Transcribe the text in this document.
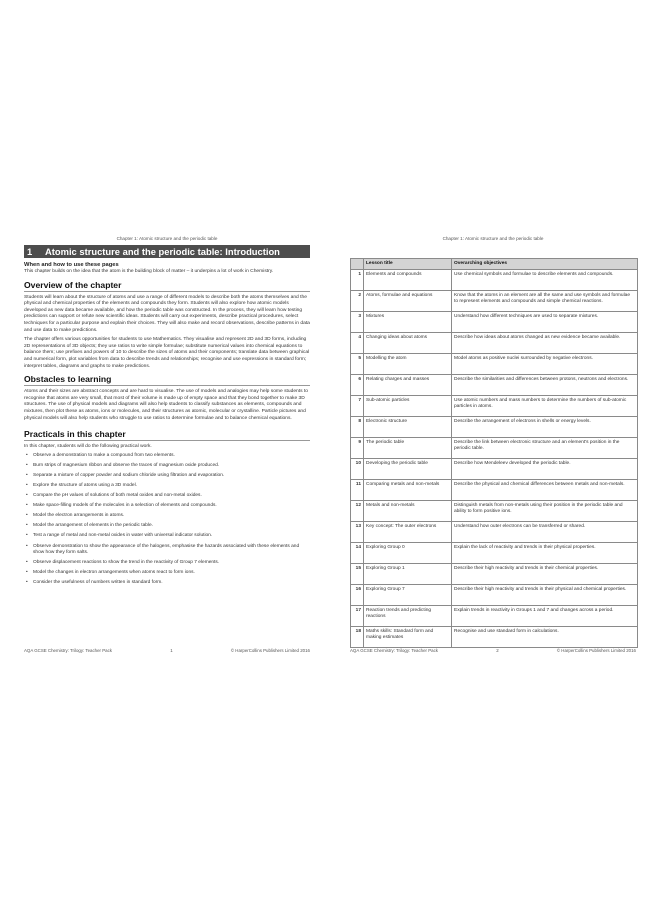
Chapter 1: Atomic structure and the periodic table
1 Atomic structure and the periodic table: Introduction
When and how to use these pages
This chapter builds on the idea that the atom is the building block of matter – it underpins a lot of work in Chemistry.
Overview of the chapter
Students will learn about the structure of atoms and use a range of different models to describe both the atoms themselves and the physical and chemical properties of the elements and compounds they form. Students will also explore how atomic models developed as new data became available, and how the periodic table was constructed. In the process, they will learn how testing predictions can support or refute new scientific ideas. Students will carry out experiments, describe practical procedures, select techniques for a particular purpose and explain their choices. They will also make and record observations, describe patterns in data and use data to make predictions.
The chapter offers various opportunities for students to use Mathematics. They visualise and represent 2D and 3D forms, including 2D representations of 3D objects; they use ratios to write simple formulae; substitute numerical values into chemical equations to balance them; use prefixes and powers of 10 to describe the sizes of atoms and their components; translate data between graphical and numerical form, plot variables from data to describe trends and relationships; recognise and use expressions in standard form; interpret tables, diagrams and graphs to make predictions.
Obstacles to learning
Atoms and their sizes are abstract concepts and are hard to visualise. The use of models and analogies may help some students to recognise that atoms are very small, that most of their volume is made up of empty space and that they bond together to make 3D structures. The use of physical models and diagrams will also help students to classify substances as elements, compounds and mixtures, then plot these as atoms, ions or molecules, and their structures as atomic, molecular or crystalline. Particle pictures and physical models will also help students who struggle to use ratios to determine formulae and to balance chemical equations.
Practicals in this chapter
In this chapter, students will do the following practical work.
• Observe a demonstration to make a compound from two elements.
• Burn strips of magnesium ribbon and observe the traces of magnesium oxide produced.
• Separate a mixture of copper powder and sodium chloride using filtration and evaporation.
• Explore the structure of atoms using a 3D model.
• Compare the pH values of solutions of both metal oxides and non-metal oxides.
• Make space-filling models of the molecules in a selection of elements and compounds.
• Model the electron arrangements in atoms.
• Model the arrangement of elements in the periodic table.
• Test a range of metal and non-metal oxides in water with universal indicator solution.
• Observe demonstration to show the appearance of the halogens, emphasise the hazards associated with these elements and show how they form salts.
• Observe displacement reactions to show the trend in the reactivity of Group 7 elements.
• Model the changes in electron arrangements when atoms react to form ions.
• Consider the usefulness of numbers written in standard form.
AQA GCSE Chemistry: Trilogy: Teacher Pack	1	© HarperCollins Publishers Limited 2016
Chapter 1: Atomic structure and the periodic table
	Lesson title	Overarching objectives
1	Elements and compounds	Use chemical symbols and formulae to describe elements and compounds.
2	Atoms, formulae and equations	Know that the atoms in an element are all the same and use symbols and formulae to represent elements and compounds and simple chemical reactions.
3	Mixtures	Understand how different techniques are used to separate mixtures.
4	Changing ideas about atoms	Describe how ideas about atoms changed as new evidence became available.
5	Modelling the atom	Model atoms as positive nuclei surrounded by negative electrons.
6	Relating charges and masses	Describe the similarities and differences between protons, neutrons and electrons.
7	Sub-atomic particles	Use atomic numbers and mass numbers to determine the numbers of sub-atomic particles in atoms.
8	Electronic structure	Describe the arrangement of electrons in shells or energy levels.
9	The periodic table	Describe the link between electronic structure and an element's position in the periodic table.
10	Developing the periodic table	Describe how Mendeleev developed the periodic table.
11	Comparing metals and non-metals	Describe the physical and chemical differences between metals and non-metals.
12	Metals and non-metals	Distinguish metals from non-metals using their position in the periodic table and ability to form positive ions.
13	Key concept: The outer electrons	Understand how outer electrons can be transferred or shared.
14	Exploring Group 0	Explain the lack of reactivity and trends in their physical properties.
15	Exploring Group 1	Describe their high reactivity and trends in their chemical properties.
16	Exploring Group 7	Describe their high reactivity and trends in their physical and chemical properties.
17	Reaction trends and predicting reactions	Explain trends in reactivity in Groups 1 and 7 and changes across a period.
18	Maths skills: Standard form and making estimates	Recognise and use standard form in calculations.
AQA GCSE Chemistry: Trilogy: Teacher Pack	2	© HarperCollins Publishers Limited 2016
